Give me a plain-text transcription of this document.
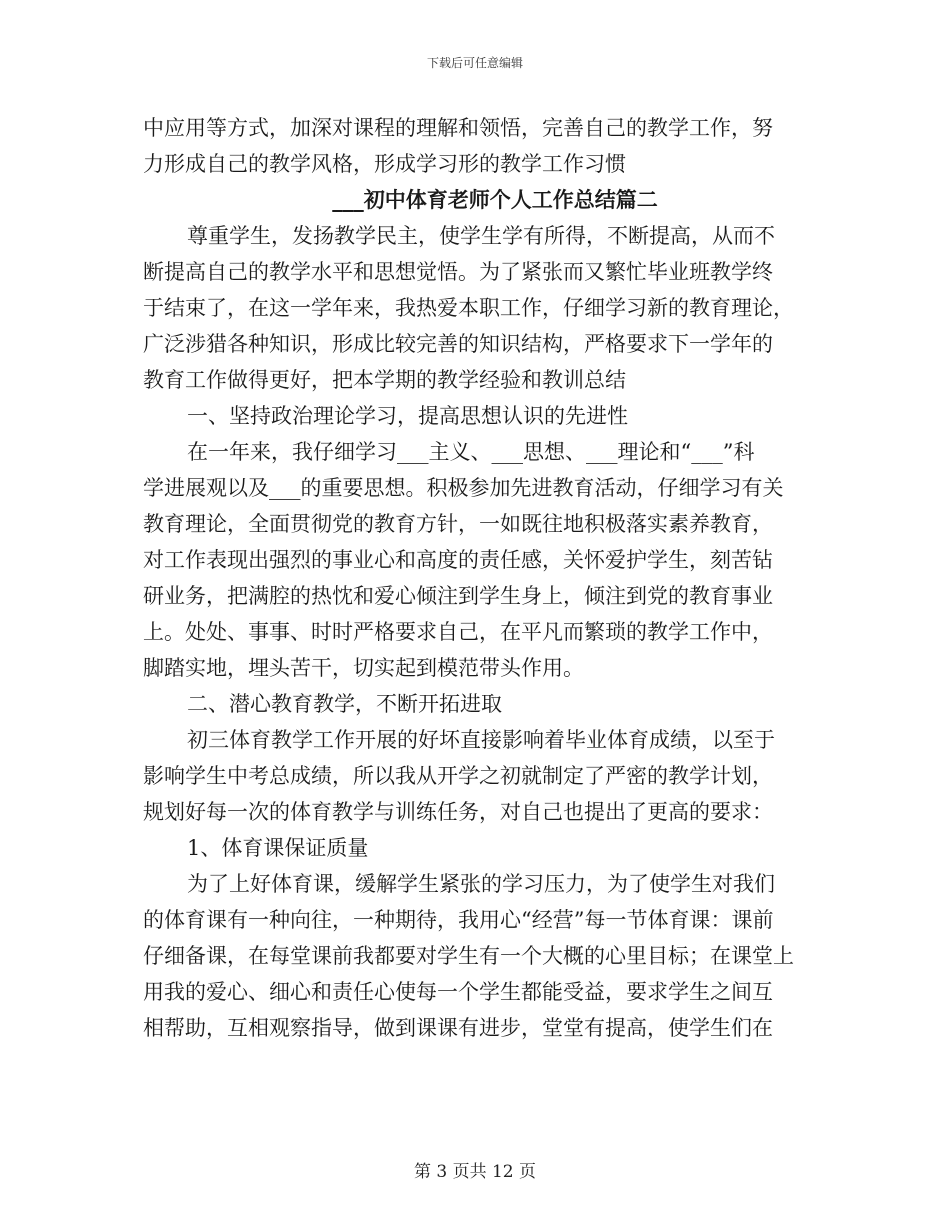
下载后可任意编辑
中应用等方式，加深对课程的理解和领悟，完善自己的教学工作，努
力形成自己的教学风格，形成学习形的教学工作习惯
___初中体育老师个人工作总结篇二
尊重学生，发扬教学民主，使学生学有所得，不断提高，从而不
断提高自己的教学水平和思想觉悟。为了紧张而又繁忙毕业班教学终
于结束了，在这一学年来，我热爱本职工作，仔细学习新的教育理论，
广泛涉猎各种知识，形成比较完善的知识结构，严格要求下一学年的
教育工作做得更好，把本学期的教学经验和教训总结
一、坚持政治理论学习，提高思想认识的先进性
在一年来，我仔细学习___主义、___思想、___理论和“___”科
学进展观以及___的重要思想。积极参加先进教育活动，仔细学习有关
教育理论，全面贯彻党的教育方针，一如既往地积极落实素养教育，
对工作表现出强烈的事业心和高度的责任感，关怀爱护学生，刻苦钻
研业务，把满腔的热忱和爱心倾注到学生身上，倾注到党的教育事业
上。处处、事事、时时严格要求自己，在平凡而繁琐的教学工作中，
脚踏实地，埋头苦干，切实起到模范带头作用。
二、潜心教育教学，不断开拓进取
初三体育教学工作开展的好坏直接影响着毕业体育成绩，以至于
影响学生中考总成绩，所以我从开学之初就制定了严密的教学计划，
规划好每一次的体育教学与训练任务，对自己也提出了更高的要求：
1、体育课保证质量
为了上好体育课，缓解学生紧张的学习压力，为了使学生对我们
的体育课有一种向往，一种期待，我用心“经营”每一节体育课：课前
仔细备课，在每堂课前我都要对学生有一个大概的心里目标；在课堂上
用我的爱心、细心和责任心使每一个学生都能受益，要求学生之间互
相帮助，互相观察指导，做到课课有进步，堂堂有提高，使学生们在
第 3 页共 12 页
